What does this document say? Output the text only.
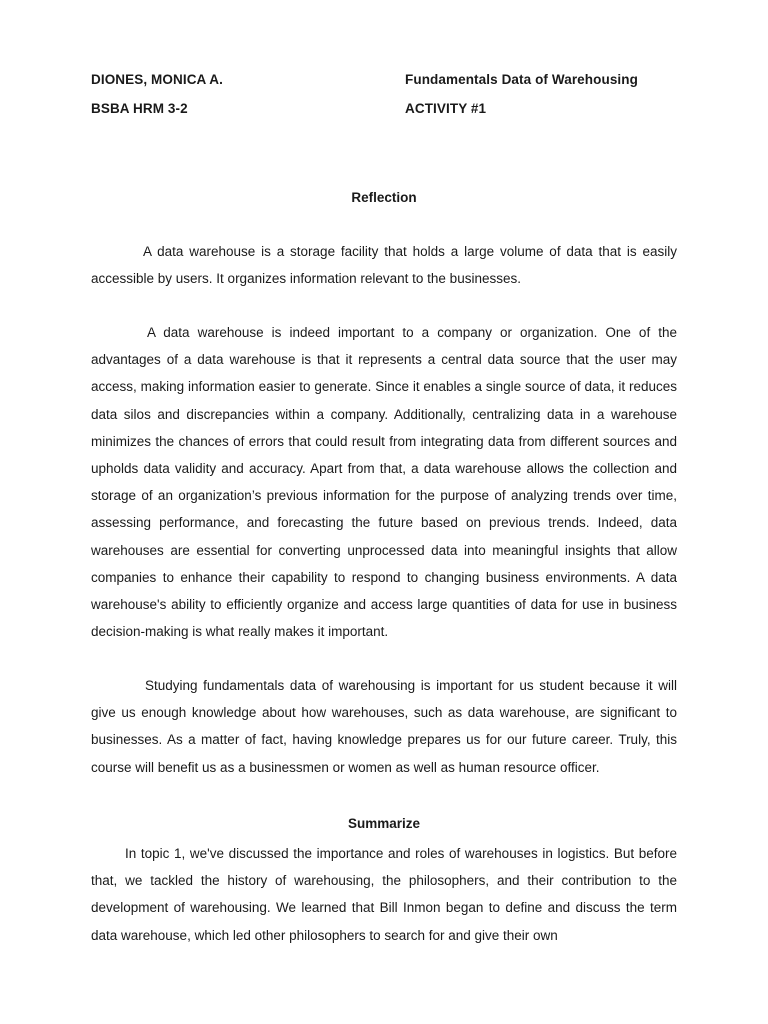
DIONES, MONICA A.	Fundamentals Data of Warehousing
BSBA HRM 3-2	ACTIVITY #1
Reflection

A data warehouse is a storage facility that holds a large volume of data that is easily accessible by users. It organizes information relevant to the businesses.

A data warehouse is indeed important to a company or organization. One of the advantages of a data warehouse is that it represents a central data source that the user may access, making information easier to generate. Since it enables a single source of data, it reduces data silos and discrepancies within a company. Additionally, centralizing data in a warehouse minimizes the chances of errors that could result from integrating data from different sources and upholds data validity and accuracy. Apart from that, a data warehouse allows the collection and storage of an organization’s previous information for the purpose of analyzing trends over time, assessing performance, and forecasting the future based on previous trends. Indeed, data warehouses are essential for converting unprocessed data into meaningful insights that allow companies to enhance their capability to respond to changing business environments. A data warehouse's ability to efficiently organize and access large quantities of data for use in business decision-making is what really makes it important.

Studying fundamentals data of warehousing is important for us student because it will give us enough knowledge about how warehouses, such as data warehouse, are significant to businesses. As a matter of fact, having knowledge prepares us for our future career. Truly, this course will benefit us as a businessmen or women as well as human resource officer.

Summarize

In topic 1, we've discussed the importance and roles of warehouses in logistics. But before that, we tackled the history of warehousing, the philosophers, and their contribution to the development of warehousing. We learned that Bill Inmon began to define and discuss the term data warehouse, which led other philosophers to search for and give their own
